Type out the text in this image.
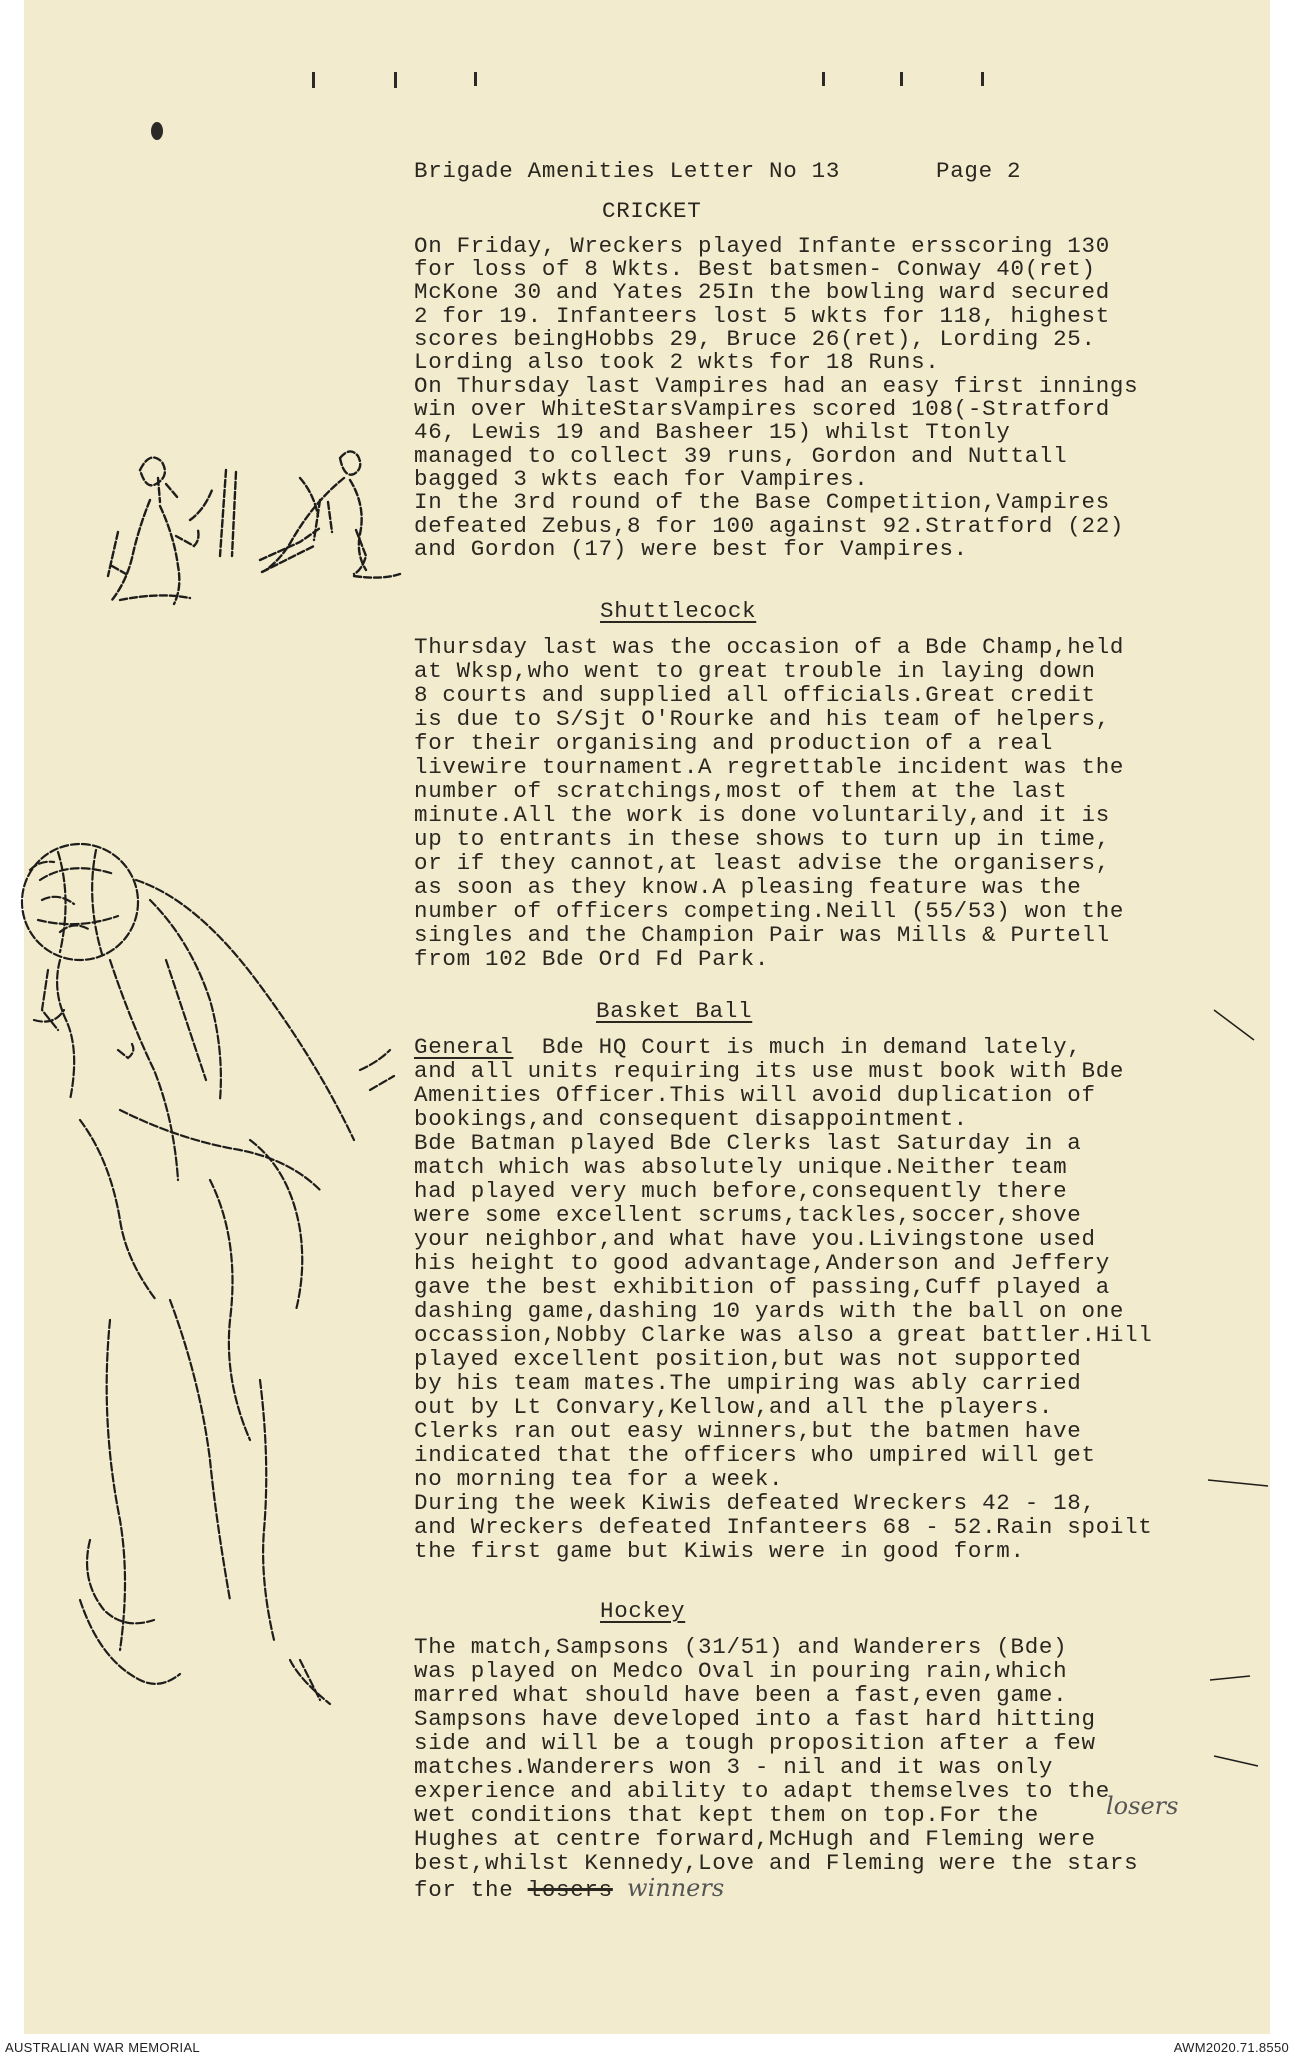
Brigade Amenities Letter No 13	Page 2
CRICKET
On Friday, Wreckers played Infante ersscoring 130
for loss of 8 Wkts. Best batsmen- Conway 40(ret)
McKone 30 and Yates 25In the bowling ward secured
2 for 19. Infanteers lost 5 wkts for 118, highest
scores beingHobbs 29, Bruce 26(ret), Lording 25.
Lording also took 2 wkts for 18 Runs.
On Thursday last Vampires had an easy first innings
win over WhiteStarsVampires scored 108(-Stratford
46, Lewis 19 and Basheer 15) whilst Ttonly
managed to collect 39 runs, Gordon and Nuttall
bagged 3 wkts each for Vampires.
In the 3rd round of the Base Competition,Vampires
defeated Zebus,8 for 100 against 92.Stratford (22)
and Gordon (17) were best for Vampires.
Shuttlecock
Thursday last was the occasion of a Bde Champ,held
at Wksp,who went to great trouble in laying down
8 courts and supplied all officials.Great credit
is due to S/Sjt O'Rourke and his team of helpers,
for their organising and production of a real
livewire tournament.A regrettable incident was the
number of scratchings,most of them at the last
minute.All the work is done voluntarily,and it is
up to entrants in these shows to turn up in time,
or if they cannot,at least advise the organisers,
as soon as they know.A pleasing feature was the
number of officers competing.Neill (55/53) won the
singles and the Champion Pair was Mills & Purtell
from 102 Bde Ord Fd Park.
Basket Ball
General  Bde HQ Court is much in demand lately,
and all units requiring its use must book with Bde
Amenities Officer.This will avoid duplication of
bookings,and consequent disappointment.
Bde Batman played Bde Clerks last Saturday in a
match which was absolutely unique.Neither team
had played very much before,consequently there
were some excellent scrums,tackles,soccer,shove
your neighbor,and what have you.Livingstone used
his height to good advantage,Anderson and Jeffery
gave the best exhibition of passing,Cuff played a
dashing game,dashing 10 yards with the ball on one
occassion,Nobby Clarke was also a great battler.Hill
played excellent position,but was not supported
by his team mates.The umpiring was ably carried
out by Lt Convary,Kellow,and all the players.
Clerks ran out easy winners,but the batmen have
indicated that the officers who umpired will get
no morning tea for a week.
During the week Kiwis defeated Wreckers 42 - 18,
and Wreckers defeated Infanteers 68 - 52.Rain spoilt
the first game but Kiwis were in good form.
Hockey
The match,Sampsons (31/51) and Wanderers (Bde)
was played on Medco Oval in pouring rain,which
marred what should have been a fast,even game.
Sampsons have developed into a fast hard hitting
side and will be a tough proposition after a few
matches.Wanderers won 3 - nil and it was only
experience and ability to adapt themselves to the
wet conditions that kept them on top.For the	losers
Hughes at centre forward,McHugh and Fleming were
best,whilst Kennedy,Love and Fleming were the stars
for the losers winners
AUSTRALIAN WAR MEMORIAL	AWM2020.71.8550
